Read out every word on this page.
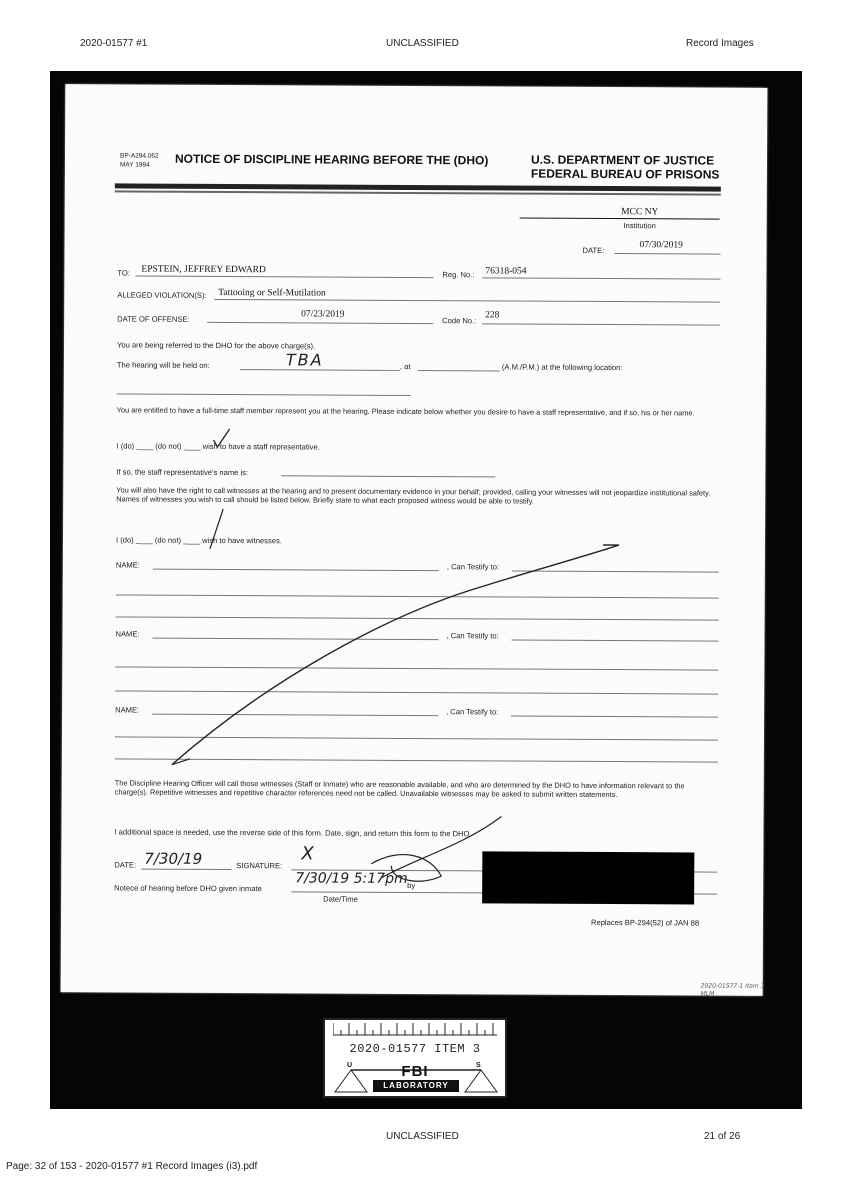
2020-01577 #1	UNCLASSIFIED	Record Images
BP-A294.052
MAY 1994 NOTICE OF DISCIPLINE HEARING BEFORE THE (DHO)	U.S. DEPARTMENT OF JUSTICE
FEDERAL BUREAU OF PRISONS
MCC NY
Institution
DATE:
07/30/2019
TO: EPSTEIN, JEFFREY EDWARD	Reg. No.: 76318-054
ALLEGED VIOLATION(S): Tattooing or Self-Mutilation
DATE OF OFFENSE:	07/23/2019
Code No.:
228
You are being referred to the DHO for the above charge(s).
The hearing will be held on:	TBA	, at	(A.M./P.M.) at the following location:
You are entitled to have a full-time staff member represent you at the hearing. Please indicate below whether you desire to have a staff representative, and if so, his or her name.
I (do) ____ (do not) ____ wish to have a staff representative.
If so, the staff representative's name is:
You will also have the right to call witnesses at the hearing and to present documentary evidence in your behalf; provided, calling your witnesses will not jeopardize institutional safety. Names of witnesses you wish to call should be listed below. Briefly state to what each proposed witness would be able to testify.
I (do) ____ (do not) ____ wish to have witnesses.
NAME:	, Can Testify to:
NAME:	, Can Testify to:
NAME:	, Can Testify to:
The Discipline Hearing Officer will call those witnesses (Staff or Inmate) who are reasonable available, and who are determined by the DHO to have information relevant to the charge(s). Repetitive witnesses and repetitive character references need not be called. Unavailable witnesses may be asked to submit written statements.
I additional space is needed, use the reverse side of this form. Date, sign, and return this form to the DHO.
DATE: 7/30/19	SIGNATURE:
X
Notece of hearing before DHO given inmate
7/30/19 5:17pm by
Date/Time
Replaces BP-294(52) of JAN 88
2020-01577-1 Item 3 MLM
2020-01577 ITEM 3
U	S
FBI
LABORATORY
UNCLASSIFIED	21 of 26
Page: 32 of 153 - 2020-01577 #1 Record Images (i3).pdf
